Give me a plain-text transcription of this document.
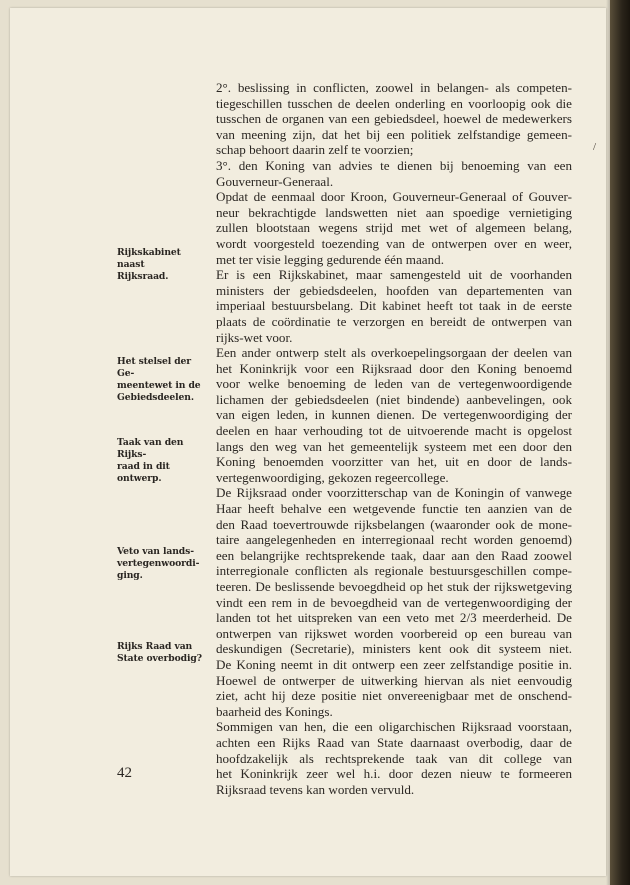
Rijkskabinet naast
Rijksraad.
Het stelsel der Ge-
meentewet in de
Gebiedsdeelen.
Taak van den Rijks-
raad in dit ontwerp.
Veto van lands-
vertegenwoordi-
ging.
Rijks Raad van
State overbodig?
2°. beslissing in conflicten, zoowel in belangen- als competen-
tiegeschillen tusschen de deelen onderling en voorloopig ook die
tusschen de organen van een gebiedsdeel, hoewel de medewerkers
van meening zijn, dat het bij een politiek zelfstandige gemeen-
schap behoort daarin zelf te voorzien;
3°. den Koning van advies te dienen bij benoeming van een
Gouverneur-Generaal.
Opdat de eenmaal door Kroon, Gouverneur-Generaal of Gouver-
neur bekrachtigde landswetten niet aan spoedige vernietiging
zullen blootstaan wegens strijd met wet of algemeen belang,
wordt voorgesteld toezending van de ontwerpen over en weer,
met ter visie legging gedurende één maand.
Er is een Rijkskabinet, maar samengesteld uit de voorhanden
ministers der gebiedsdeelen, hoofden van departementen van
imperiaal bestuursbelang. Dit kabinet heeft tot taak in de eerste
plaats de coördinatie te verzorgen en bereidt de ontwerpen van
rijks-wet voor.
Een ander ontwerp stelt als overkoepelingsorgaan der deelen van
het Koninkrijk voor een Rijksraad door den Koning benoemd
voor welke benoeming de leden van de vertegenwoordigende
lichamen der gebiedsdeelen (niet bindende) aanbevelingen, ook
van eigen leden, in kunnen dienen. De vertegenwoordiging der
deelen en haar verhouding tot de uitvoerende macht is opgelost
langs den weg van het gemeentelijk systeem met een door den
Koning benoemden voorzitter van het, uit en door de lands-
vertegenwoordiging, gekozen regeercollege.
De Rijksraad onder voorzitterschap van de Koningin of vanwege
Haar heeft behalve een wetgevende functie ten aanzien van de
den Raad toevertrouwde rijksbelangen (waaronder ook de mone-
taire aangelegenheden en interregionaal recht worden genoemd)
een belangrijke rechtsprekende taak, daar aan den Raad zoowel
interregionale conflicten als regionale bestuursgeschillen compe-
teeren. De beslissende bevoegdheid op het stuk der rijkswetgeving
vindt een rem in de bevoegdheid van de vertegenwoordiging der
landen tot het uitspreken van een veto met 2/3 meerderheid. De
ontwerpen van rijkswet worden voorbereid op een bureau van
deskundigen (Secretarie), ministers kent ook dit systeem niet.
De Koning neemt in dit ontwerp een zeer zelfstandige positie in.
Hoewel de ontwerper de uitwerking hiervan als niet eenvoudig
ziet, acht hij deze positie niet onvereenigbaar met de onschend-
baarheid des Konings.
Sommigen van hen, die een oligarchischen Rijksraad voorstaan,
achten een Rijks Raad van State daarnaast overbodig, daar de
hoofdzakelijk als rechtsprekende taak van dit college van
het Koninkrijk zeer wel h.i. door dezen nieuw te formeeren
Rijksraad tevens kan worden vervuld.
/
42
